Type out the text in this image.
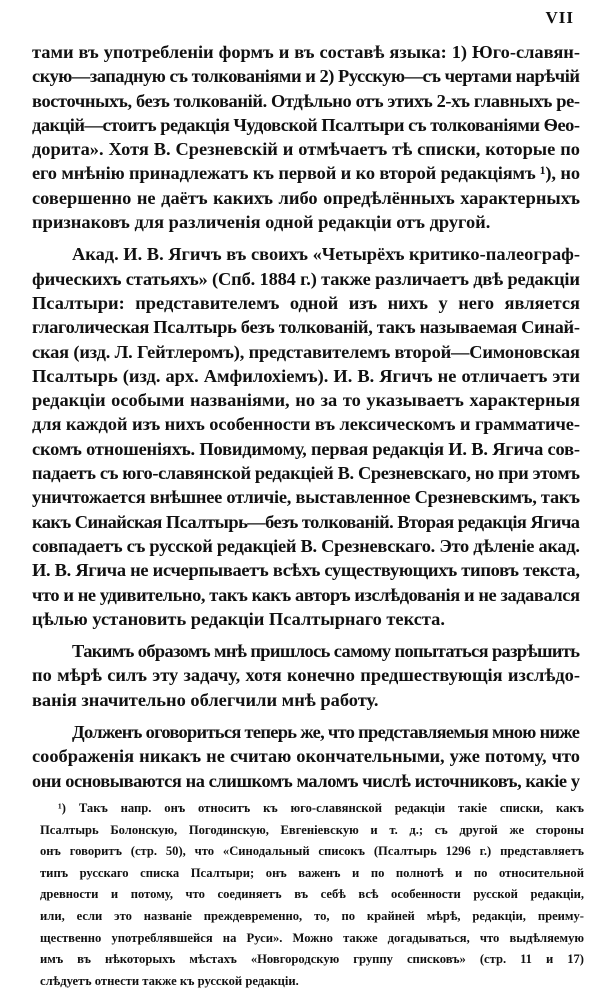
VII
тами въ употребленіи формъ и въ составѣ языка: 1) Юго-славян-
скую—западную съ толкованіями и 2) Русскую—съ чертами нарѣчій
восточныхъ, безъ толкованій. Отдѣльно отъ этихъ 2-хъ главныхъ ре-
дакцій—стоитъ редакція Чудовской Псалтыри съ толкованіями Ѳео-
дорита». Хотя В. Срезневскій и отмѣчаетъ тѣ списки, которые по
его мнѣнію принадлежатъ къ первой и ко второй редакціямъ ¹), но
совершенно не даётъ какихъ либо опредѣлённыхъ характерныхъ
признаковъ для различенія одной редакціи отъ другой.
Акад. И. В. Ягичъ въ своихъ «Четырёхъ критико-палеограф-
фическихъ статьяхъ» (Спб. 1884 г.) также различаетъ двѣ редакціи
Псалтыри: представителемъ одной изъ нихъ у него является
глаголическая Псалтырь безъ толкованій, такъ называемая Синай-
ская (изд. Л. Гейтлеромъ), представителемъ второй—Симоновская
Псалтырь (изд. арх. Амфилохіемъ). И. В. Ягичъ не отличаетъ эти
редакціи особыми названіями, но за то указываетъ характерныя
для каждой изъ нихъ особенности въ лексическомъ и грамматиче-
скомъ отношеніяхъ. Повидимому, первая редакція И. В. Ягича сов-
падаетъ съ юго-славянской редакціей В. Срезневскаго, но при этомъ
уничтожается внѣшнее отличіе, выставленное Срезневскимъ, такъ
какъ Синайская Псалтырь—безъ толкованій. Вторая редакція Ягича
совпадаетъ съ русской редакціей В. Срезневскаго. Это дѣленіе акад.
И. В. Ягича не исчерпываетъ всѣхъ существующихъ типовъ текста,
что и не удивительно, такъ какъ авторъ изслѣдованія и не задавался
цѣлью установить редакціи Псалтырнаго текста.
Такимъ образомъ мнѣ пришлось самому попытаться разрѣшить
по мѣрѣ силъ эту задачу, хотя конечно предшествующія изслѣдо-
ванія значительно облегчили мнѣ работу.
Долженъ оговориться теперь же, что представляемыя мною ниже
соображенія никакъ не считаю окончательными, уже потому, что
они основываются на слишкомъ маломъ числѣ источниковъ, какіе у
¹) Такъ напр. онъ относитъ къ юго-славянской редакціи такіе списки, какъ
Псалтырь Болонскую, Погодинскую, Евгеніевскую и т. д.; съ другой же стороны
онъ говоритъ (стр. 50), что «Синодальный списокъ (Псалтырь 1296 г.) представляетъ
типъ русскаго списка Псалтыри; онъ важенъ и по полнотѣ и по относительной
древности и потому, что соединяетъ въ себѣ всѣ особенности русской редакціи,
или, если это названіе преждевременно, то, по крайней мѣрѣ, редакціи, преиму-
щественно употреблявшейся на Руси». Можно также догадываться, что выдѣляемую
имъ въ нѣкоторыхъ мѣстахъ «Новгородскую группу списковъ» (стр. 11 и 17)
слѣдуетъ отнести также къ русской редакціи.
